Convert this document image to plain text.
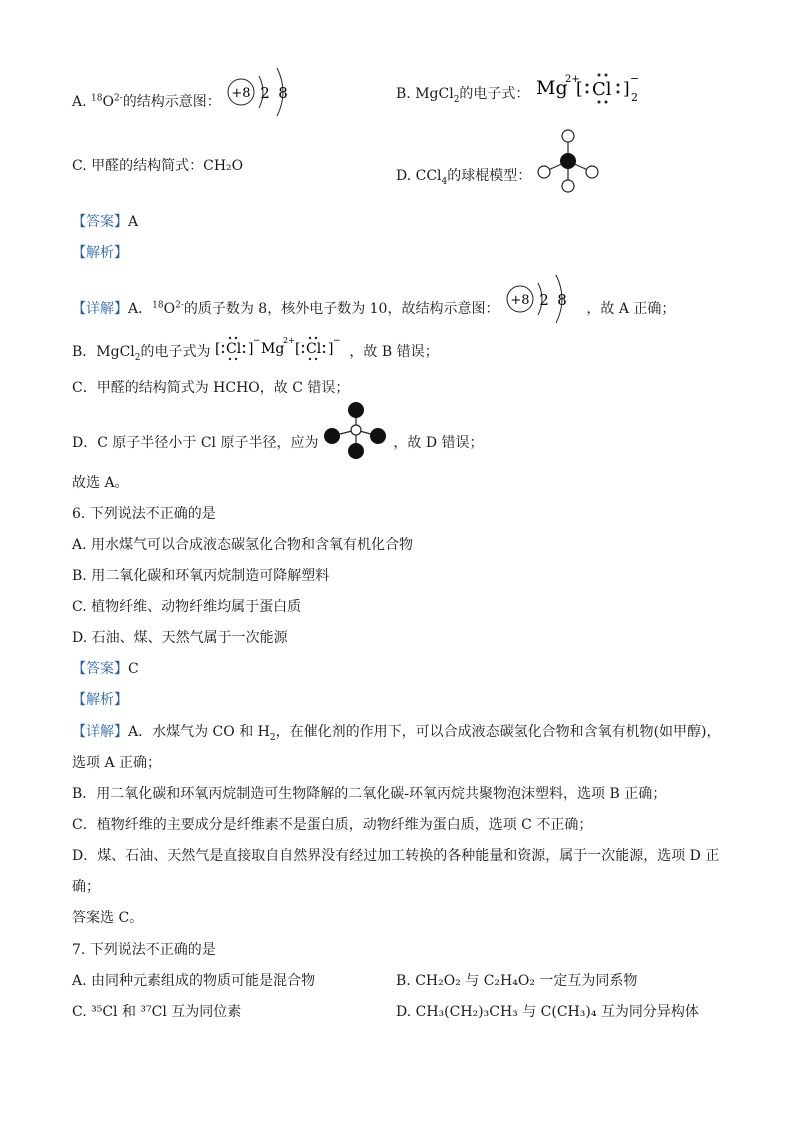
A. $^{18}O^{2-}$的结构示意图：
+8 2 8	B. MgCl$_2$的电子式： Mg
2+
[ Cl ]
−
2
C. 甲醛的结构简式：CH₂O
D. CCl$_4$的球棍模型：
【答案】A
【解析】
【详解】A．$^{18}O^{2-}$的质子数为 8，核外电子数为 10，故结构示意图：
+8 2 8 ，故 A 正确；
B．MgCl$_2$的电子式为 [ Cl ] − Mg
2+
[ Cl ] −
，故 B 错误；
C．甲醛的结构简式为 HCHO，故 C 错误；
D．C 原子半径小于 Cl 原子半径，应为	，故 D 错误；
故选 A。
6. 下列说法不正确的是
A. 用水煤气可以合成液态碳氢化合物和含氧有机化合物
B. 用二氧化碳和环氧丙烷制造可降解塑料
C. 植物纤维、动物纤维均属于蛋白质
D. 石油、煤、天然气属于一次能源
【答案】C
【解析】
【详解】A．水煤气为 CO 和 $H_2$，在催化剂的作用下，可以合成液态碳氢化合物和含氧有机物(如甲醇)，
选项 A 正确；
B．用二氧化碳和环氧丙烷制造可生物降解的二氧化碳-环氧丙烷共聚物泡沫塑料，选项 B 正确；
C．植物纤维的主要成分是纤维素不是蛋白质，动物纤维为蛋白质，选项 C 不正确；
D．煤、石油、天然气是直接取自自然界没有经过加工转换的各种能量和资源，属于一次能源，选项 D 正
确；
答案选 C。
7. 下列说法不正确的是
A. 由同种元素组成的物质可能是混合物	B. CH₂O₂ 与 C₂H₄O₂ 一定互为同系物
C. ³⁵Cl 和 ³⁷Cl 互为同位素	D. CH₃(CH₂)₃CH₃ 与 C(CH₃)₄ 互为同分异构体
